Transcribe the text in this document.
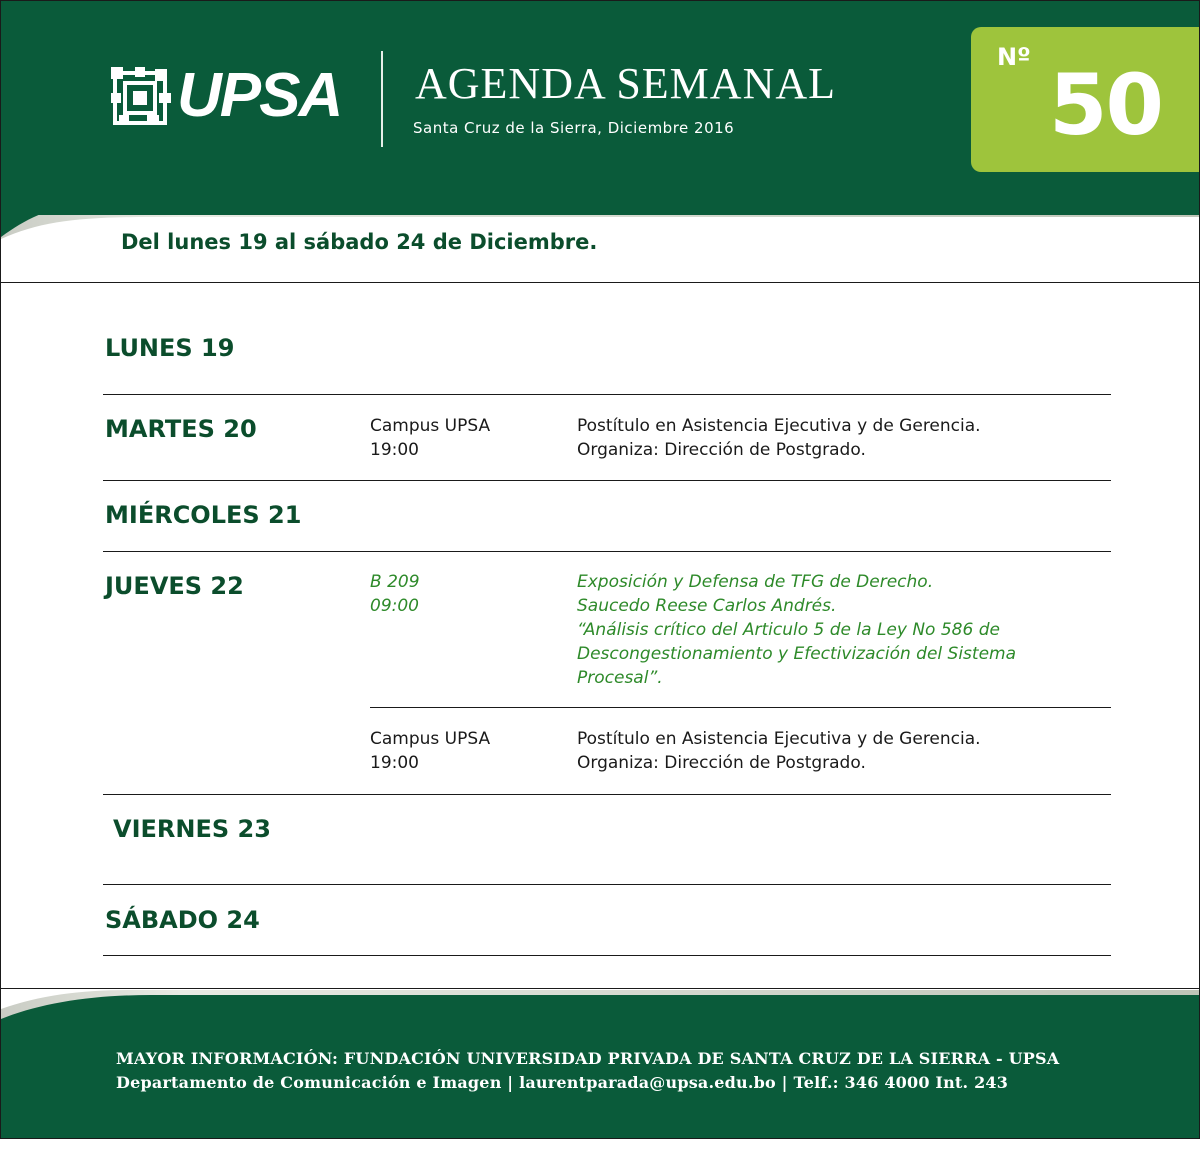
UPSA AGENDA SEMANAL
Santa Cruz de la Sierra, Diciembre 2016
Nº 50
Del lunes 19 al sábado 24 de Diciembre.
LUNES 19
MARTES 20	Campus UPSA
19:00
Postítulo en Asistencia Ejecutiva y de Gerencia.
Organiza: Dirección de Postgrado.
MIÉRCOLES 21
JUEVES 22	B 209
09:00
Exposición y Defensa de TFG de Derecho.
Saucedo Reese Carlos Andrés.
“Análisis crítico del Articulo 5 de la Ley No 586 de
Descongestionamiento y Efectivización del Sistema
Procesal”.
Campus UPSA
19:00
Postítulo en Asistencia Ejecutiva y de Gerencia.
Organiza: Dirección de Postgrado.
VIERNES 23
SÁBADO 24
MAYOR INFORMACIÓN: FUNDACIÓN UNIVERSIDAD PRIVADA DE SANTA CRUZ DE LA SIERRA - UPSA
Departamento de Comunicación e Imagen | laurentparada@upsa.edu.bo | Telf.: 346 4000 Int. 243
